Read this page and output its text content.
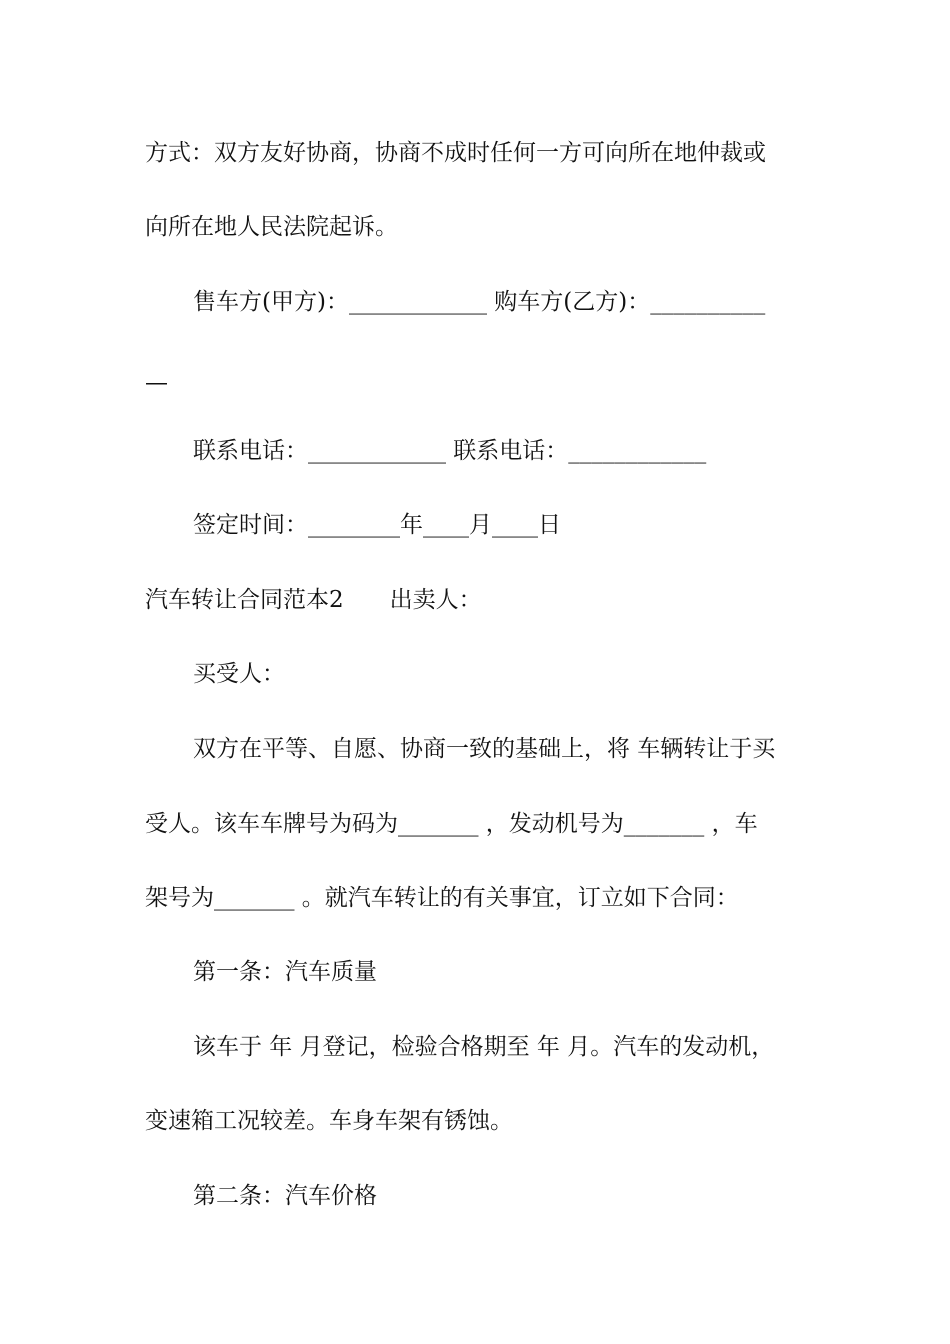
方式：双方友好协商，协商不成时任何一方可向所在地仲裁或
向所在地人民法院起诉。
售车方(甲方)：____________ 购车方(乙方)：__________
—
联系电话：____________ 联系电话：____________
签定时间：________年____月____日
汽车转让合同范本2　　出卖人：
买受人：
双方在平等、自愿、协商一致的基础上，将 车辆转让于买
受人。该车车牌号为码为_______ ，发动机号为_______ ，车
架号为_______ 。就汽车转让的有关事宜，订立如下合同：
第一条：汽车质量
该车于 年 月登记，检验合格期至 年 月。汽车的发动机，
变速箱工况较差。车身车架有锈蚀。
第二条：汽车价格
